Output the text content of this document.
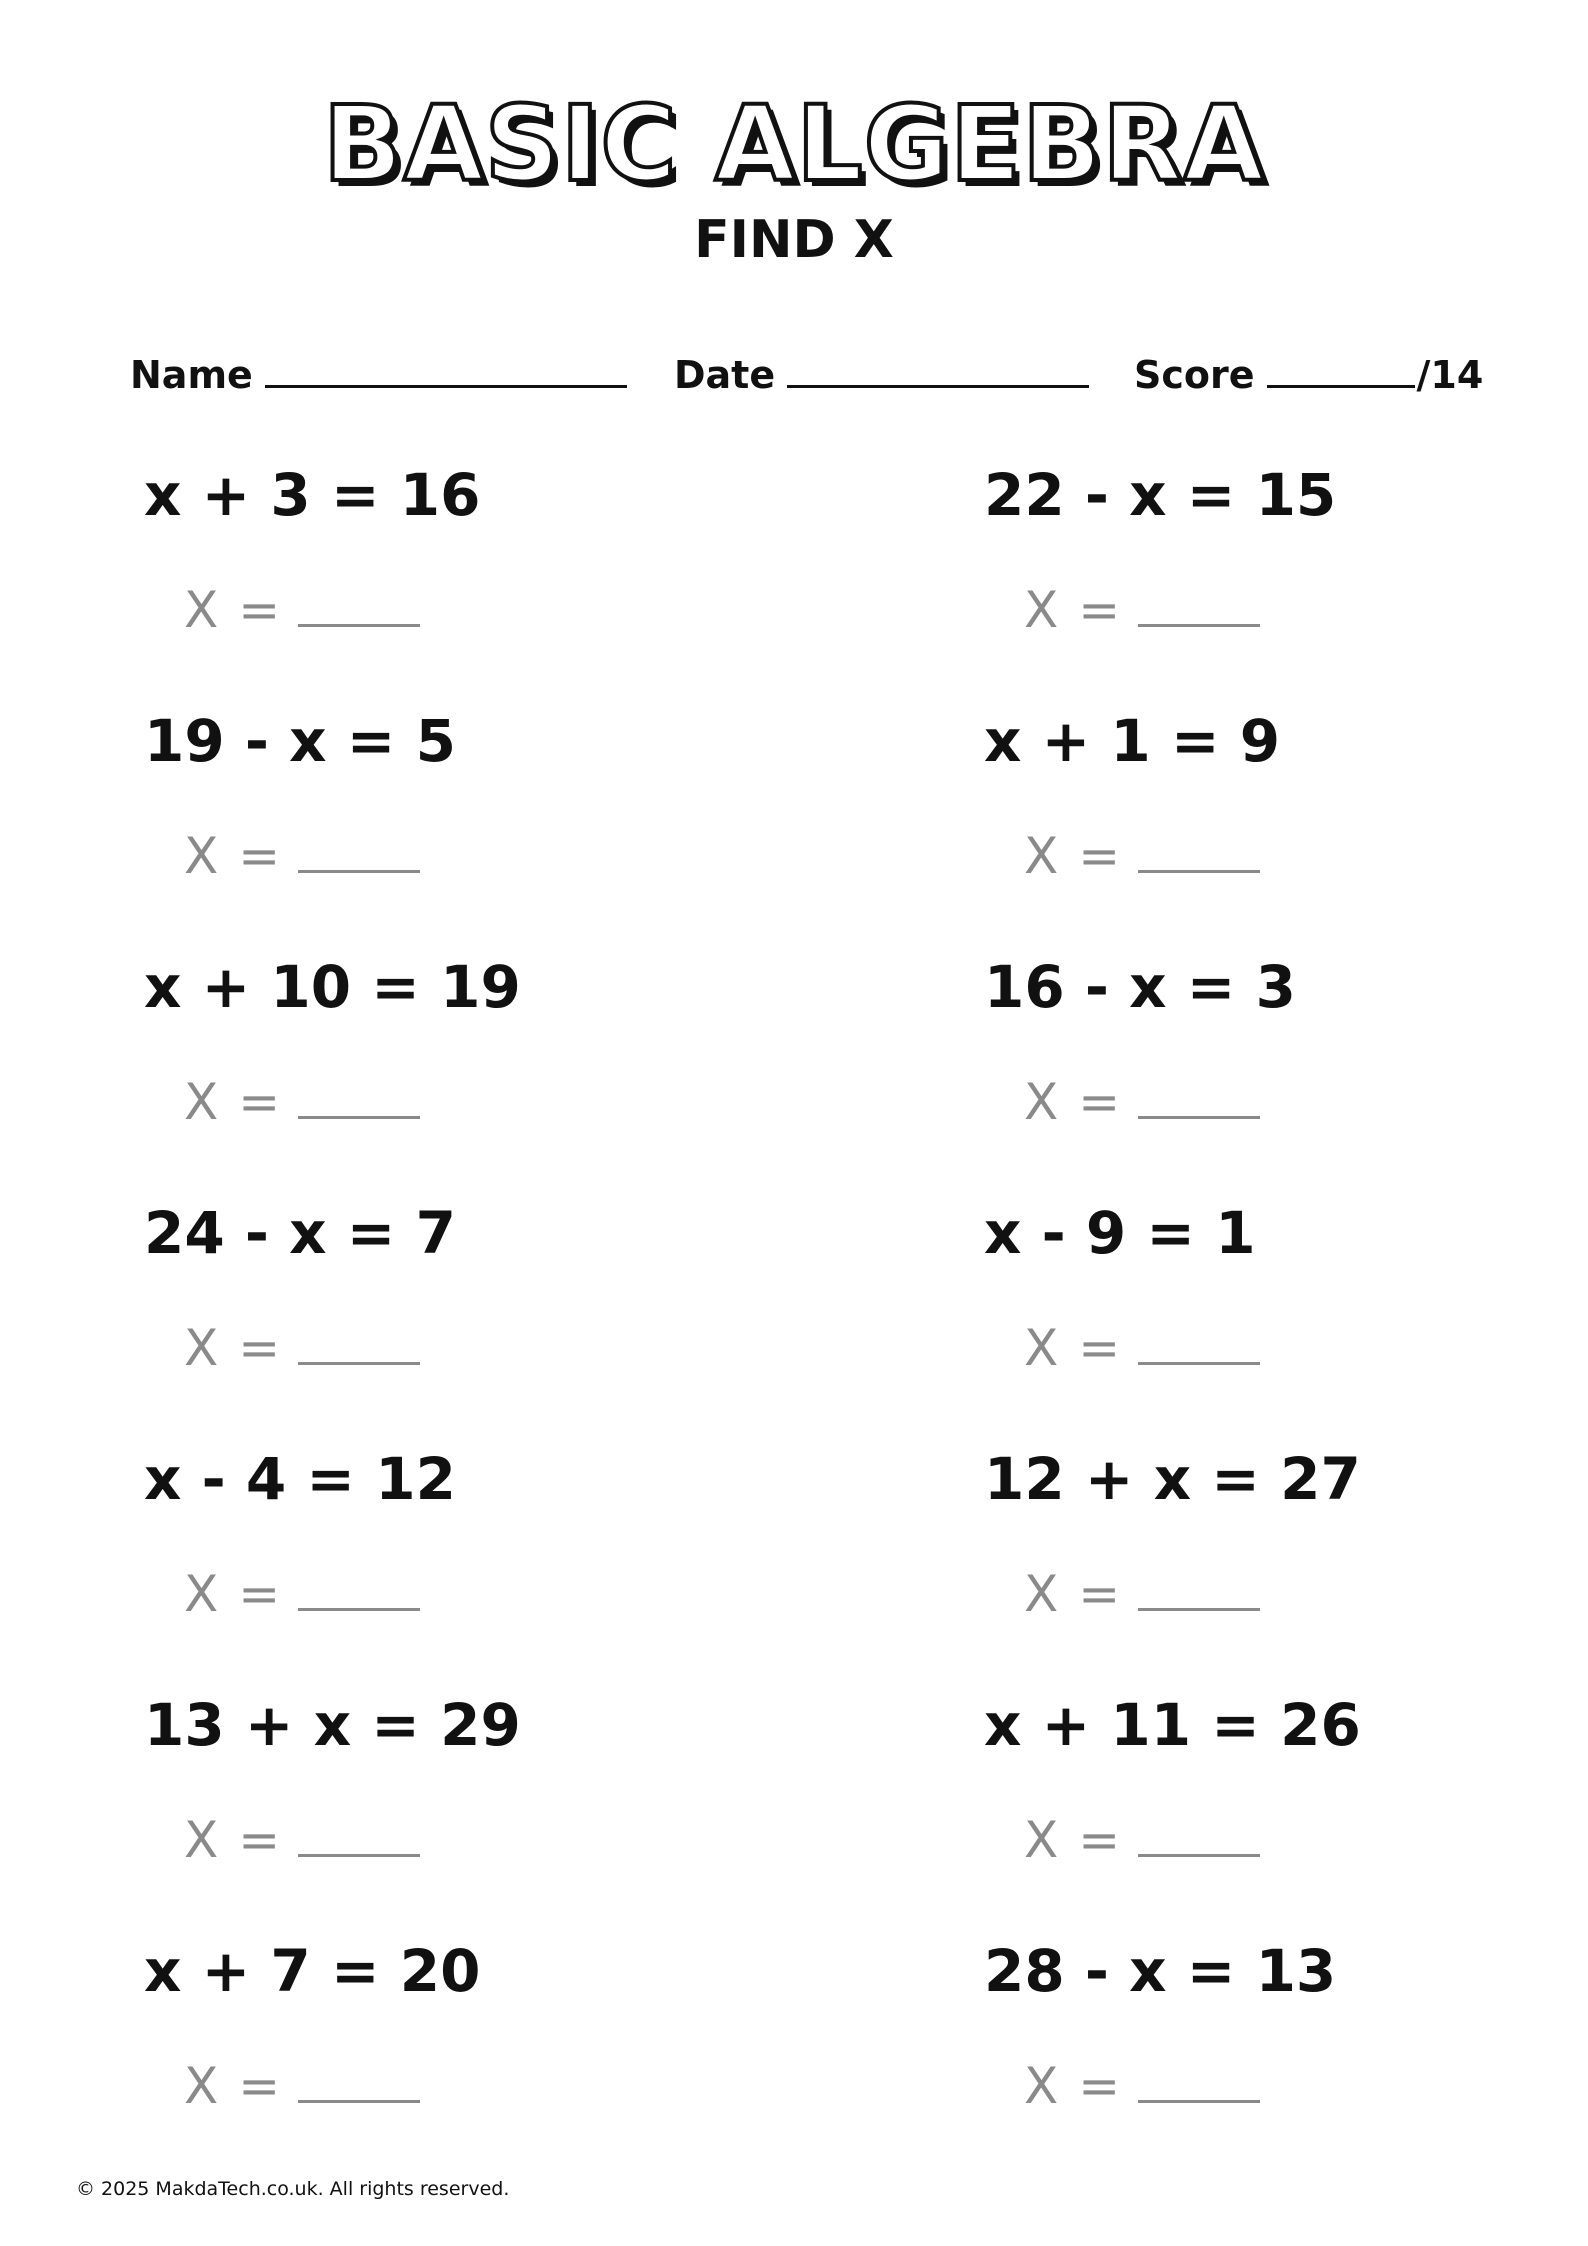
BASIC ALGEBRA
FIND X
Name	Date	Score	/14
x + 3 = 16
X =
19 - x = 5
X =
x + 10 = 19
X =
24 - x = 7
X =
x - 4 = 12
X =
13 + x = 29
X =
x + 7 = 20
X =
22 - x = 15
X =
x + 1 = 9
X =
16 - x = 3
X =
x - 9 = 1
X =
12 + x = 27
X =
x + 11 = 26
X =
28 - x = 13
X =
© 2025 MakdaTech.co.uk. All rights reserved.
